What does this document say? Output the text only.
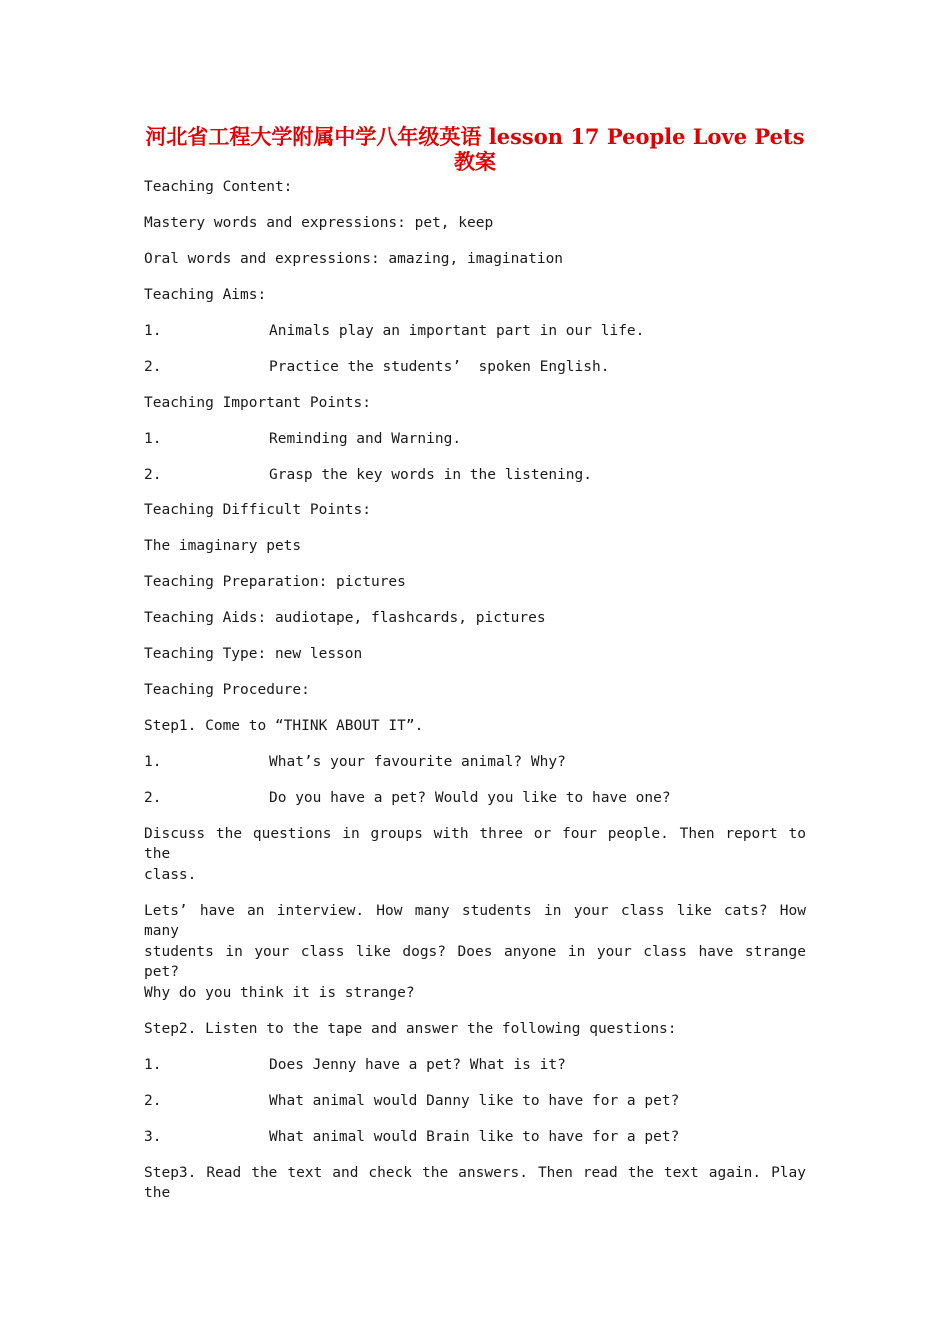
河北省工程大学附属中学八年级英语 lesson 17 People Love Pets
教案
Teaching Content:
Mastery words and expressions: pet, keep
Oral words and expressions: amazing, imagination
Teaching Aims:
1.	Animals play an important part in our life.
2.	Practice the students’  spoken English.
Teaching Important Points:
1.	Reminding and Warning.
2.	Grasp the key words in the listening.
Teaching Difficult Points:
The imaginary pets
Teaching Preparation: pictures
Teaching Aids: audiotape, flashcards, pictures
Teaching Type: new lesson
Teaching Procedure:
Step1. Come to “THINK ABOUT IT”.
1.	What’s your favourite animal? Why?
2.	Do you have a pet? Would you like to have one?
Discuss the questions in groups with three or four people. Then report to the
class.
Lets’ have an interview. How many students in your class like cats? How many
students in your class like dogs? Does anyone in your class have strange pet?
Why do you think it is strange?
Step2. Listen to the tape and answer the following questions:
1.	Does Jenny have a pet? What is it?
2.	What animal would Danny like to have for a pet?
3.	What animal would Brain like to have for a pet?
Step3. Read the text and check the answers. Then read the text again. Play the
